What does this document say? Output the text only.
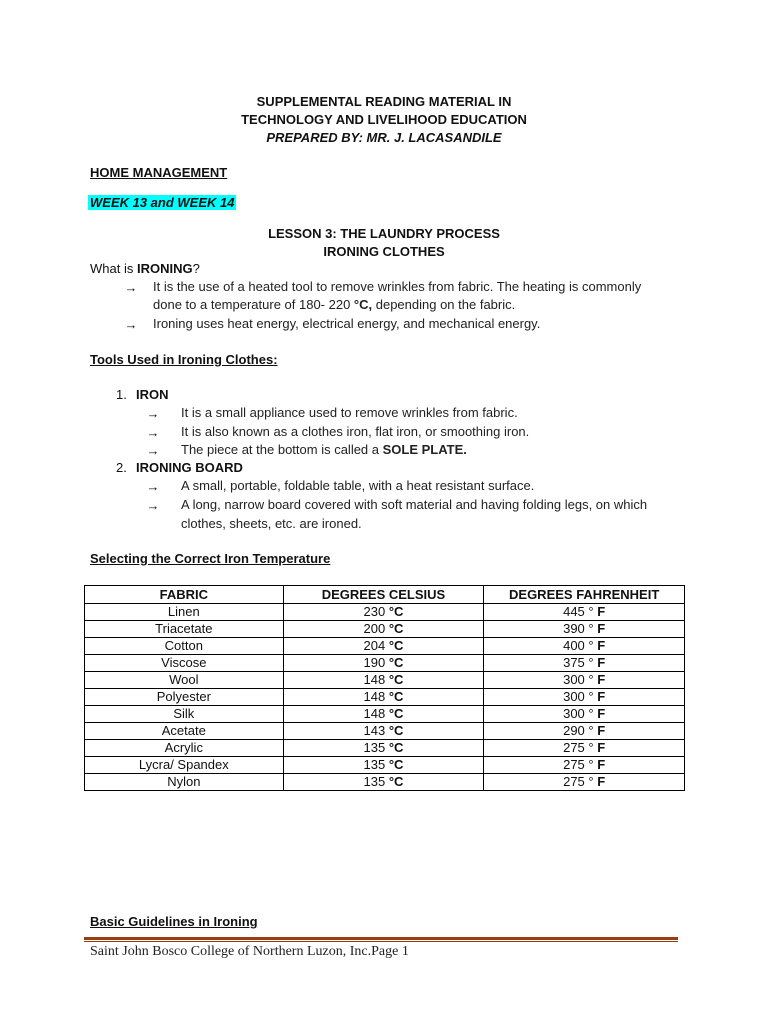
SUPPLEMENTAL READING MATERIAL IN
TECHNOLOGY AND LIVELIHOOD EDUCATION
PREPARED BY: MR. J. LACASANDILE
HOME MANAGEMENT
WEEK 13 and WEEK 14
LESSON 3: THE LAUNDRY PROCESS
IRONING CLOTHES
What is IRONING?
→ It is the use of a heated tool to remove wrinkles from fabric. The heating is commonly
done to a temperature of 180- 220 °C, depending on the fabric.
→ Ironing uses heat energy, electrical energy, and mechanical energy.
Tools Used in Ironing Clothes:
1. IRON
→ It is a small appliance used to remove wrinkles from fabric.
→ It is also known as a clothes iron, flat iron, or smoothing iron.
→ The piece at the bottom is called a SOLE PLATE.
2. IRONING BOARD
→ A small, portable, foldable table, with a heat resistant surface.
→ A long, narrow board covered with soft material and having folding legs, on which
clothes, sheets, etc. are ironed.
Selecting the Correct Iron Temperature
FABRIC	DEGREES CELSIUS	DEGREES FAHRENHEIT
Linen	230 °C	445 ° F
Triacetate	200 °C	390 ° F
Cotton	204 °C	400 ° F
Viscose	190 °C	375 ° F
Wool	148 °C	300 ° F
Polyester	148 °C	300 ° F
Silk	148 °C	300 ° F
Acetate	143 °C	290 ° F
Acrylic	135 °C	275 ° F
Lycra/ Spandex	135 °C	275 ° F
Nylon	135 °C	275 ° F
Basic Guidelines in Ironing
Saint John Bosco College of Northern Luzon, Inc.Page 1
